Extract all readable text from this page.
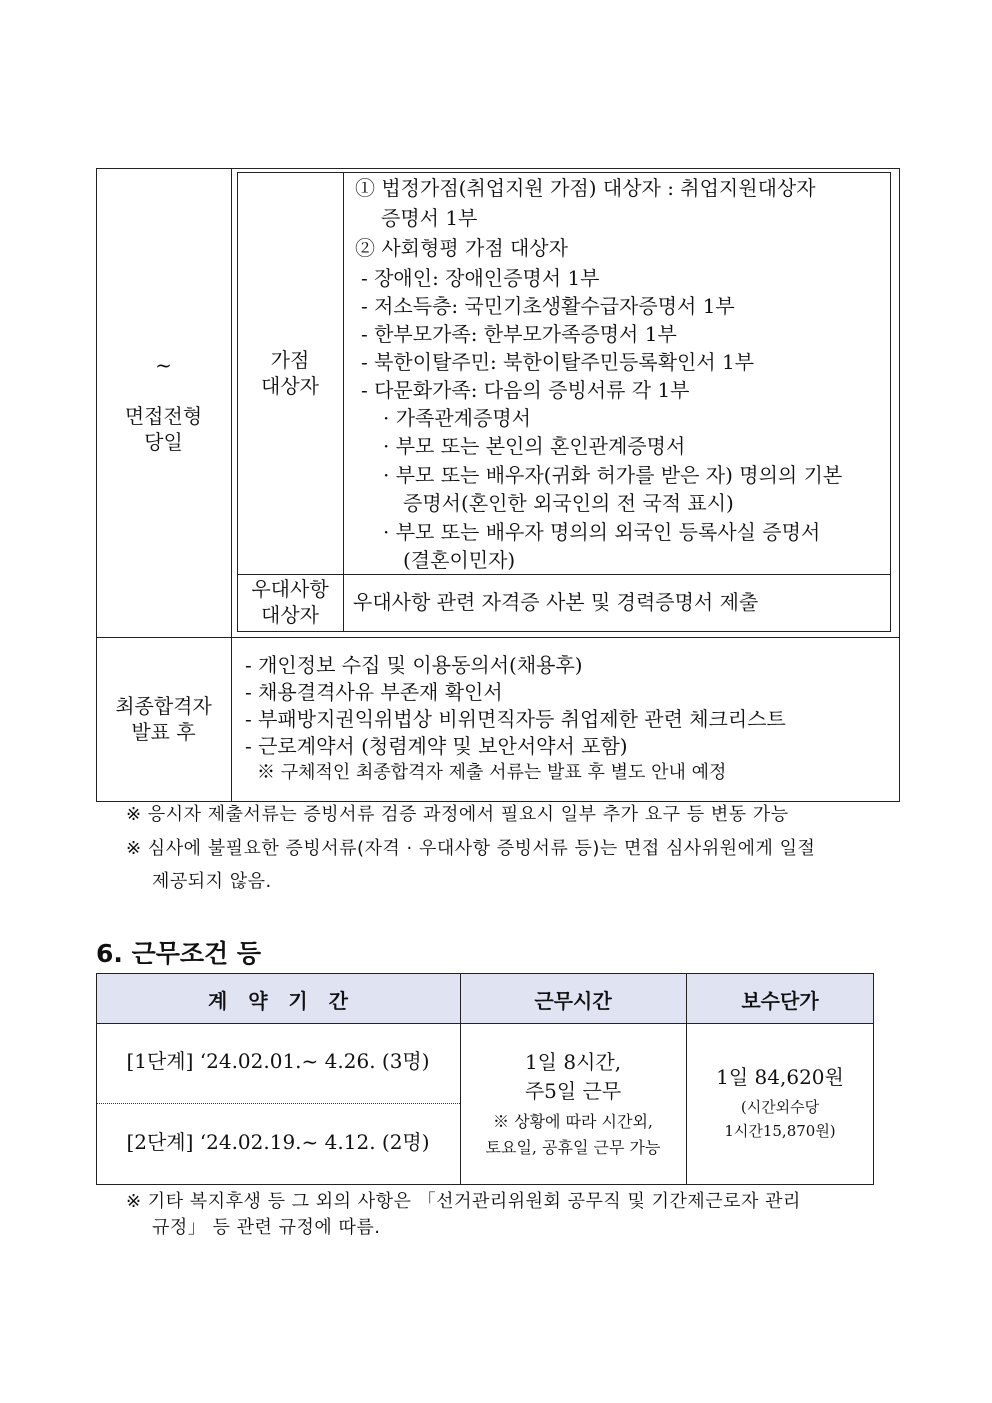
~
면접전형
당일
가점
대상자
① 법정가점(취업지원 가점) 대상자 : 취업지원대상자
증명서 1부
② 사회형평 가점 대상자
- 장애인: 장애인증명서 1부
- 저소득층: 국민기초생활수급자증명서 1부
- 한부모가족: 한부모가족증명서 1부
- 북한이탈주민: 북한이탈주민등록확인서 1부
- 다문화가족: 다음의 증빙서류 각 1부
· 가족관계증명서
· 부모 또는 본인의 혼인관계증명서
· 부모 또는 배우자(귀화 허가를 받은 자) 명의의 기본
증명서(혼인한 외국인의 전 국적 표시)
· 부모 또는 배우자 명의의 외국인 등록사실 증명서
(결혼이민자)
우대사항
대상자
우대사항 관련 자격증 사본 및 경력증명서 제출
최종합격자
발표 후
- 개인정보 수집 및 이용동의서(채용후)
- 채용결격사유 부존재 확인서
- 부패방지권익위법상 비위면직자등 취업제한 관련 체크리스트
- 근로계약서 (청렴계약 및 보안서약서 포함)
※ 구체적인 최종합격자 제출 서류는 발표 후 별도 안내 예정
※ 응시자 제출서류는 증빙서류 검증 과정에서 필요시 일부 추가 요구 등 변동 가능
※ 심사에 불필요한 증빙서류(자격 · 우대사항 증빙서류 등)는 면접 심사위원에게 일절
제공되지 않음.
6. 근무조건 등
계   약   기   간	근무시간	보수단가
[1단계] ‘24.02.01.~ 4.26. (3명)
[2단계] ‘24.02.19.~ 4.12. (2명)
1일 8시간,
주5일 근무
※ 상황에 따라 시간외,
토요일, 공휴일 근무 가능
1일 84,620원
(시간외수당
1시간15,870원)
※ 기타 복지후생 등 그 외의 사항은 「선거관리위원회 공무직 및 기간제근로자 관리
규정」 등 관련 규정에 따름.
